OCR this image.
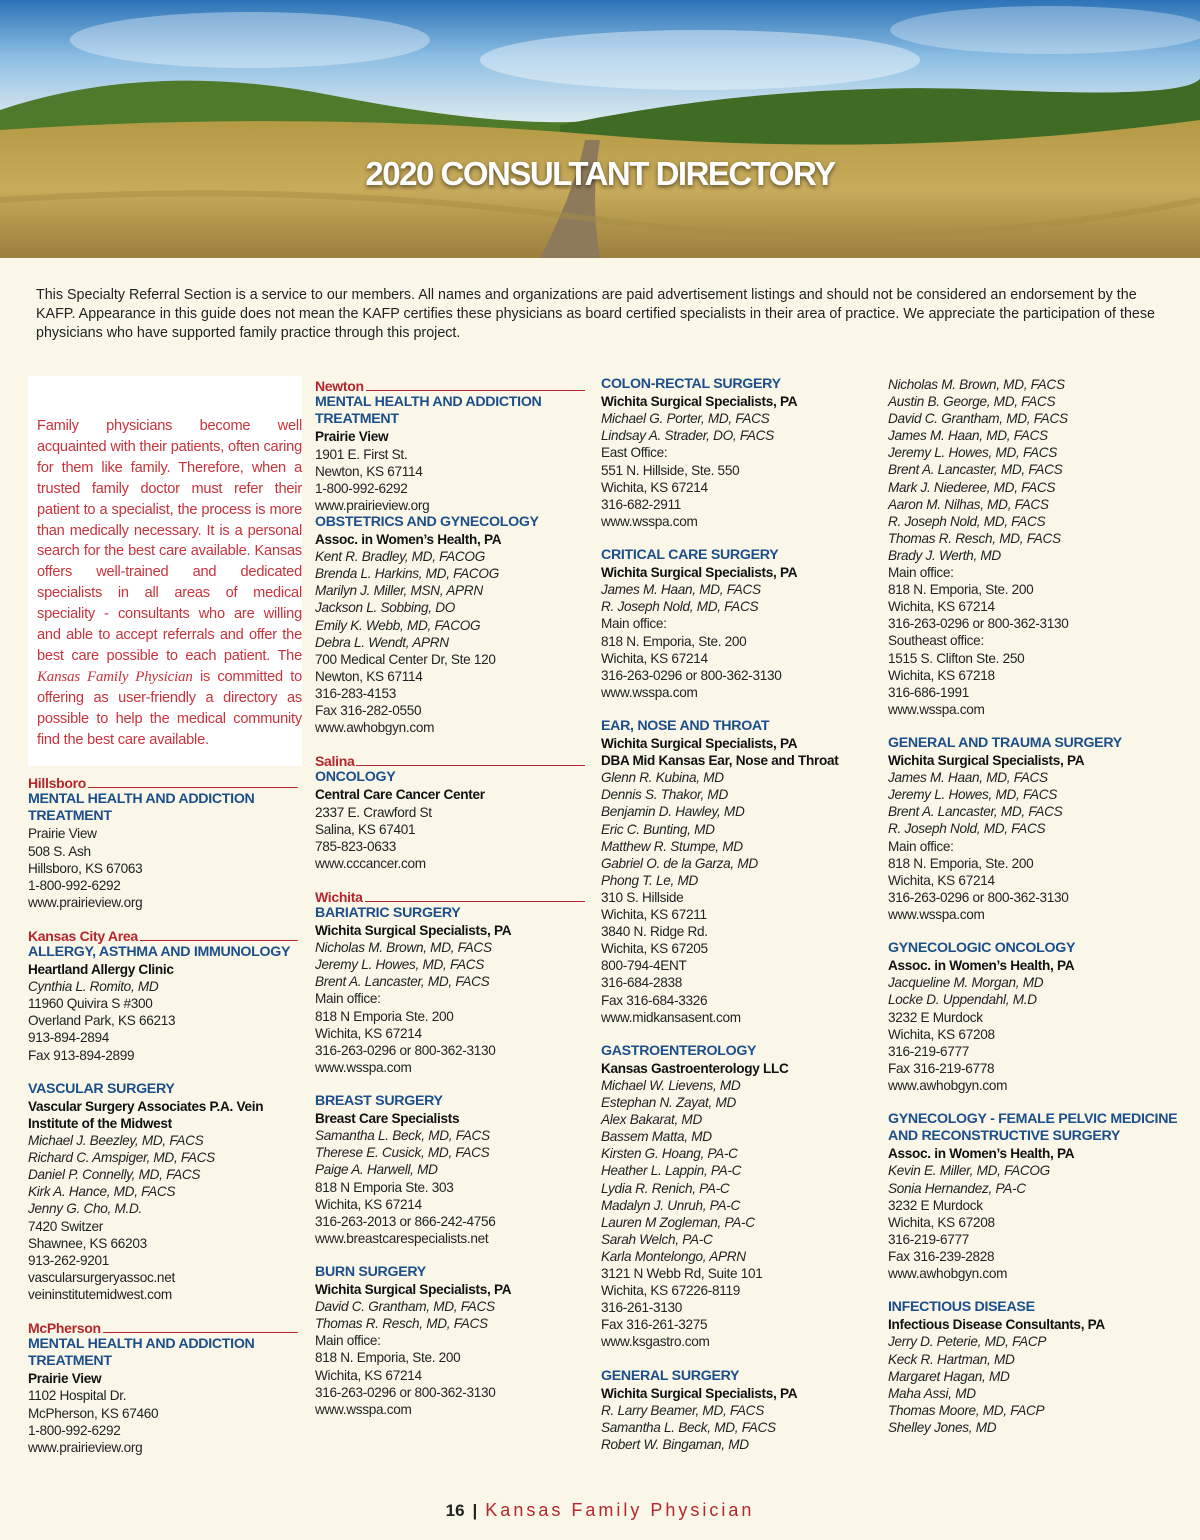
2020 CONSULTANT DIRECTORY
This Specialty Referral Section is a service to our members. All names and organizations are paid advertisement listings and should not be considered an endorsement by the KAFP. Appearance in this guide does not mean the KAFP certifies these physicians as board certified specialists in their area of practice. We appreciate the participation of these physicians who have supported family practice through this project.
Family physicians become well acquainted with their patients, often caring for them like family. Therefore, when a trusted family doctor must refer their patient to a specialist, the process is more than medically necessary. It is a personal search for the best care available. Kansas offers well-trained and dedicated specialists in all areas of medical speciality - consultants who are willing and able to accept referrals and offer the best care possible to each patient. The Kansas Family Physician is committed to offering as user-friendly a directory as possible to help the medical community find the best care available.
Hillsboro
MENTAL HEALTH AND ADDICTION TREATMENT
Prairie View
508 S. Ash
Hillsboro, KS 67063
1-800-992-6292
www.prairieview.org
Kansas City Area
ALLERGY, ASTHMA AND IMMUNOLOGY
Heartland Allergy Clinic
Cynthia L. Romito, MD
11960 Quivira S #300
Overland Park, KS 66213
913-894-2894
Fax 913-894-2899
VASCULAR SURGERY
Vascular Surgery Associates P.A. Vein Institute of the Midwest
Michael J. Beezley, MD, FACS
Richard C. Amspiger, MD, FACS
Daniel P. Connelly, MD, FACS
Kirk A. Hance, MD, FACS
Jenny G. Cho, M.D.
7420 Switzer
Shawnee, KS 66203
913-262-9201
vascularsurgeryassoc.net
veininstitutemidwest.com
McPherson
MENTAL HEALTH AND ADDICTION TREATMENT
Prairie View
1102 Hospital Dr.
McPherson, KS 67460
1-800-992-6292
www.prairieview.org
Newton
MENTAL HEALTH AND ADDICTION TREATMENT
Prairie View
1901 E. First St.
Newton, KS 67114
1-800-992-6292
www.prairieview.org
OBSTETRICS AND GYNECOLOGY
Assoc. in Women’s Health, PA
Kent R. Bradley, MD, FACOG
Brenda L. Harkins, MD, FACOG
Marilyn J. Miller, MSN, APRN
Jackson L. Sobbing, DO
Emily K. Webb, MD, FACOG
Debra L. Wendt, APRN
700 Medical Center Dr, Ste 120
Newton, KS 67114
316-283-4153
Fax 316-282-0550
www.awhobgyn.com
Salina
ONCOLOGY
Central Care Cancer Center
2337 E. Crawford St
Salina, KS 67401
785-823-0633
www.cccancer.com
Wichita
BARIATRIC SURGERY
Wichita Surgical Specialists, PA
Nicholas M. Brown, MD, FACS
Jeremy L. Howes, MD, FACS
Brent A. Lancaster, MD, FACS
Main office:
818 N Emporia Ste. 200
Wichita, KS 67214
316-263-0296 or 800-362-3130
www.wsspa.com
BREAST SURGERY
Breast Care Specialists
Samantha L. Beck, MD, FACS
Therese E. Cusick, MD, FACS
Paige A. Harwell, MD
818 N Emporia Ste. 303
Wichita, KS 67214
316-263-2013 or 866-242-4756
www.breastcarespecialists.net
BURN SURGERY
Wichita Surgical Specialists, PA
David C. Grantham, MD, FACS
Thomas R. Resch, MD, FACS
Main office:
818 N. Emporia, Ste. 200
Wichita, KS 67214
316-263-0296 or 800-362-3130
www.wsspa.com
COLON-RECTAL SURGERY
Wichita Surgical Specialists, PA
Michael G. Porter, MD, FACS
Lindsay A. Strader, DO, FACS
East Office:
551 N. Hillside, Ste. 550
Wichita, KS 67214
316-682-2911
www.wsspa.com
CRITICAL CARE SURGERY
Wichita Surgical Specialists, PA
James M. Haan, MD, FACS
R. Joseph Nold, MD, FACS
Main office:
818 N. Emporia, Ste. 200
Wichita, KS 67214
316-263-0296 or 800-362-3130
www.wsspa.com
EAR, NOSE AND THROAT
Wichita Surgical Specialists, PA
DBA Mid Kansas Ear, Nose and Throat
Glenn R. Kubina, MD
Dennis S. Thakor, MD
Benjamin D. Hawley, MD
Eric C. Bunting, MD
Matthew R. Stumpe, MD
Gabriel O. de la Garza, MD
Phong T. Le, MD
310 S. Hillside
Wichita, KS 67211
3840 N. Ridge Rd.
Wichita, KS 67205
800-794-4ENT
316-684-2838
Fax 316-684-3326
www.midkansasent.com
GASTROENTEROLOGY
Kansas Gastroenterology LLC
Michael W. Lievens, MD
Estephan N. Zayat, MD
Alex Bakarat, MD
Bassem Matta, MD
Kirsten G. Hoang, PA-C
Heather L. Lappin, PA-C
Lydia R. Renich, PA-C
Madalyn J. Unruh, PA-C
Lauren M Zogleman, PA-C
Sarah Welch, PA-C
Karla Montelongo, APRN
3121 N Webb Rd, Suite 101
Wichita, KS 67226-8119
316-261-3130
Fax 316-261-3275
www.ksgastro.com
GENERAL SURGERY
Wichita Surgical Specialists, PA
R. Larry Beamer, MD, FACS
Samantha L. Beck, MD, FACS
Robert W. Bingaman, MD
Nicholas M. Brown, MD, FACS
Austin B. George, MD, FACS
David C. Grantham, MD, FACS
James M. Haan, MD, FACS
Jeremy L. Howes, MD, FACS
Brent A. Lancaster, MD, FACS
Mark J. Niederee, MD, FACS
Aaron M. Nilhas, MD, FACS
R. Joseph Nold, MD, FACS
Thomas R. Resch, MD, FACS
Brady J. Werth, MD
Main office:
818 N. Emporia, Ste. 200
Wichita, KS 67214
316-263-0296 or 800-362-3130
Southeast office:
1515 S. Clifton Ste. 250
Wichita, KS 67218
316-686-1991
www.wsspa.com
GENERAL AND TRAUMA SURGERY
Wichita Surgical Specialists, PA
James M. Haan, MD, FACS
Jeremy L. Howes, MD, FACS
Brent A. Lancaster, MD, FACS
R. Joseph Nold, MD, FACS
Main office:
818 N. Emporia, Ste. 200
Wichita, KS 67214
316-263-0296 or 800-362-3130
www.wsspa.com
GYNECOLOGIC ONCOLOGY
Assoc. in Women’s Health, PA
Jacqueline M. Morgan, MD
Locke D. Uppendahl, M.D
3232 E Murdock
Wichita, KS 67208
316-219-6777
Fax 316-219-6778
www.awhobgyn.com
GYNECOLOGY - FEMALE PELVIC MEDICINE AND RECONSTRUCTIVE SURGERY
Assoc. in Women’s Health, PA
Kevin E. Miller, MD, FACOG
Sonia Hernandez, PA-C
3232 E Murdock
Wichita, KS 67208
316-219-6777
Fax 316-239-2828
www.awhobgyn.com
INFECTIOUS DISEASE
Infectious Disease Consultants, PA
Jerry D. Peterie, MD, FACP
Keck R. Hartman, MD
Margaret Hagan, MD
Maha Assi, MD
Thomas Moore, MD, FACP
Shelley Jones, MD
16 | Kansas Family Physician
